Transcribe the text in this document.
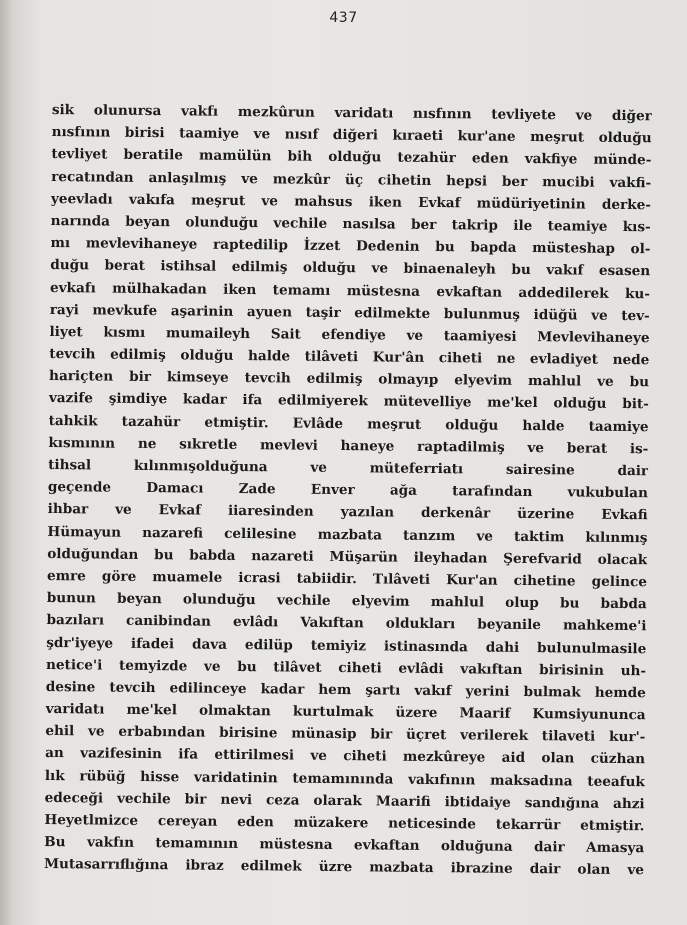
437
sik olunursa vakfı mezkûrun varidatı nısfının tevliyete ve diğer
nısfının birisi taamiye ve nısıf diğeri kıraeti kur'ane meşrut olduğu
tevliyet beratile mamülün bih olduğu tezahür eden vakfiye münde-
recatından anlaşılmış ve mezkûr üç cihetin hepsi ber mucibi vakfi-
yeevladı vakıfa meşrut ve mahsus iken Evkaf müdüriyetinin derke-
narında beyan olunduğu vechile nasılsa ber takrip ile teamiye kıs-
mı mevlevihaneye raptedilip İzzet Dedenin bu bapda müsteshap ol-
duğu berat istihsal edilmiş olduğu ve binaenaleyh bu vakıf esasen
evkafı mülhakadan iken temamı müstesna evkaftan addedilerek ku-
rayi mevkufe aşarinin ayuen taşir edilmekte bulunmuş idüğü ve tev-
liyet kısmı mumaileyh Sait efendiye ve taamiyesi Mevlevihaneye
tevcih edilmiş olduğu halde tilâveti Kur'ân ciheti ne evladiyet nede
hariçten bir kimseye tevcih edilmiş olmayıp elyevim mahlul ve bu
vazife şimdiye kadar ifa edilmiyerek mütevelliye me'kel olduğu bit-
tahkik tazahür etmiştir. Evlâde meşrut olduğu halde taamiye
kısmının ne sıkretle mevlevi haneye raptadilmiş ve berat is-
tihsal kılınmışolduğuna ve müteferriatı sairesine dair
geçende Damacı Zade Enver ağa tarafından vukubulan
ihbar ve Evkaf iiaresinden yazılan derkenâr üzerine Evkafi
Hümayun nazarefi celilesine mazbata tanzım ve taktim kılınmış
olduğundan bu babda nazareti Müşarün ileyhadan Şerefvarid olacak
emre göre muamele icrasi tabiidir. Tılâveti Kur'an cihetine gelince
bunun beyan olunduğu vechile elyevim mahlul olup bu babda
bazıları canibindan evlâdı Vakıftan oldukları beyanile mahkeme'i
şdr'iyeye ifadei dava edilüp temiyiz istinasında dahi bulunulmasile
netice'i temyizde ve bu tilâvet ciheti evlâdi vakıftan birisinin uh-
desine tevcih edilinceye kadar hem şartı vakıf yerini bulmak hemde
varidatı me'kel olmaktan kurtulmak üzere Maarif Kumsiyununca
ehil ve erbabından birisine münasip bir üçret verilerek tilaveti kur'-
an vazifesinin ifa ettirilmesi ve ciheti mezkûreye aid olan cüzhan
lık rübüğ hisse varidatinin temamınında vakıfının maksadına teeafuk
edeceği vechile bir nevi ceza olarak Maarifi ibtidaiye sandığına ahzi
Heyetlmizce cereyan eden müzakere neticesinde tekarrür etmiştir.
Bu vakfın temamının müstesna evkaftan olduğuna dair Amasya
Mutasarrıflığına ibraz edilmek üzre mazbata ibrazine dair olan ve
